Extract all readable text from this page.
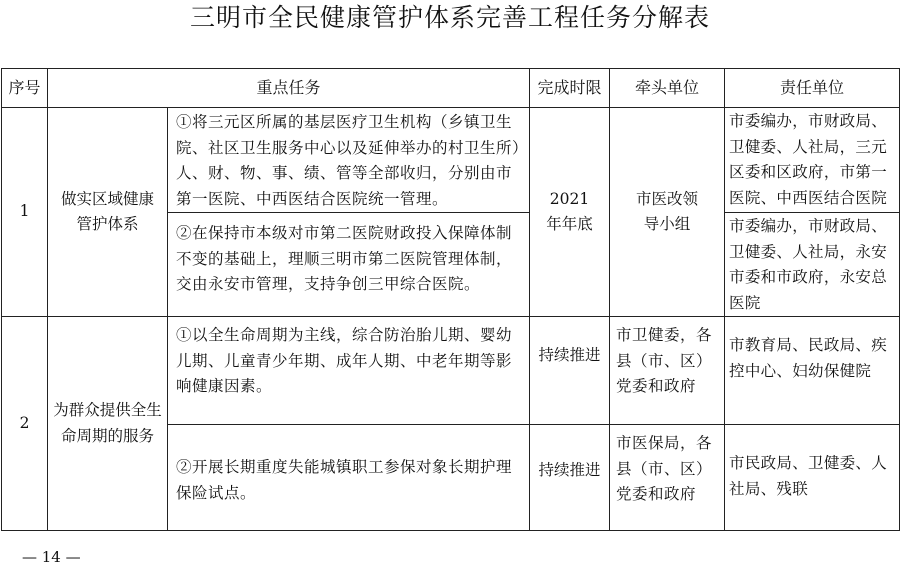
三明市全民健康管护体系完善工程任务分解表
序号	重点任务		完成时限	牵头单位	责任单位
1	做实区域健康管护体系	①将三元区所属的基层医疗卫生机构（乡镇卫生院、社区卫生服务中心以及延伸举办的村卫生所）人、财、物、事、绩、管等全部收归，分别由市第一医院、中西医结合医院统一管理。	2021 年年底	市医改领导小组	市委编办，市财政局、卫健委、人社局，三元区委和区政府，市第一医院、中西医结合医院
		②在保持市本级对市第二医院财政投入保障体制不变的基础上，理顺三明市第二医院管理体制，交由永安市管理，支持争创三甲综合医院。			市委编办，市财政局、卫健委、人社局，永安市委和市政府，永安总医院
2	为群众提供全生命周期的服务	①以全生命周期为主线，综合防治胎儿期、婴幼儿期、儿童青少年期、成年人期、中老年期等影响健康因素。	持续推进	市卫健委，各县（市、区）党委和政府	市教育局、民政局、疾控中心、妇幼保健院
		②开展长期重度失能城镇职工参保对象长期护理保险试点。	持续推进	市医保局，各县（市、区）党委和政府	市民政局、卫健委、人社局、残联
— 14 —
